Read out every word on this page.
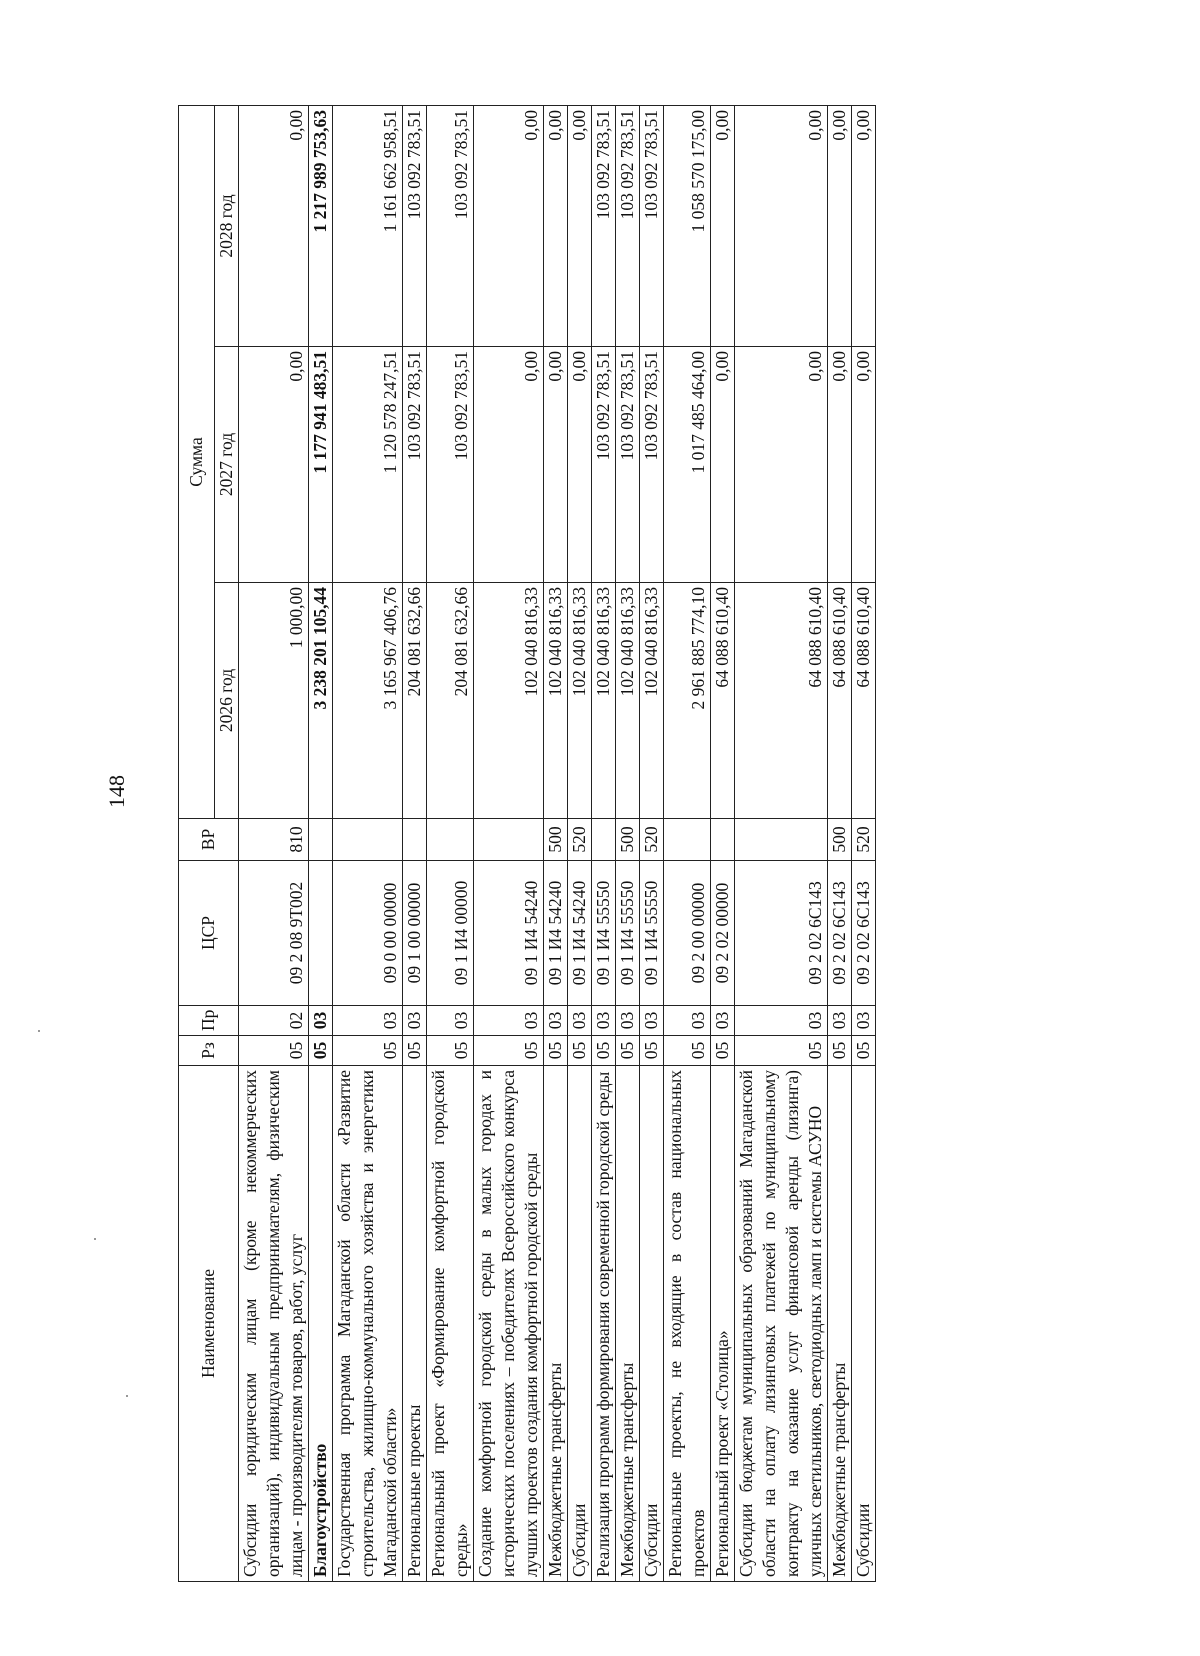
148
Наименование	Рз	Пр	ЦСР	ВР	Сумма		
					2026 год	2027 год	2028 год
Субсидии юридическим лицам (кроме некоммерческих организаций), индивидуальным предпринимателям, физическим лицам - производителям товаров, работ, услуг	05	02	09 2 08 9Т002	810	1 000,00	0,00	0,00
Благоустройство	05	03			3 238 201 105,44	1 177 941 483,51	1 217 989 753,63
Государственная программа Магаданской области «Развитие строительства, жилищно-коммунального хозяйства и энергетики Магаданской области»	05	03	09 0 00 00000		3 165 967 406,76	1 120 578 247,51	1 161 662 958,51
Региональные проекты	05	03	09 1 00 00000		204 081 632,66	103 092 783,51	103 092 783,51
Региональный проект «Формирование комфортной городской среды»	05	03	09 1 И4 00000		204 081 632,66	103 092 783,51	103 092 783,51
Создание комфортной городской среды в малых городах и исторических поселениях – победителях Всероссийского конкурса лучших проектов создания комфортной городской среды	05	03	09 1 И4 54240		102 040 816,33	0,00	0,00
Межбюджетные трансферты	05	03	09 1 И4 54240	500	102 040 816,33	0,00	0,00
Субсидии	05	03	09 1 И4 54240	520	102 040 816,33	0,00	0,00
Реализация программ формирования современной городской среды	05	03	09 1 И4 55550		102 040 816,33	103 092 783,51	103 092 783,51
Межбюджетные трансферты	05	03	09 1 И4 55550	500	102 040 816,33	103 092 783,51	103 092 783,51
Субсидии	05	03	09 1 И4 55550	520	102 040 816,33	103 092 783,51	103 092 783,51
Региональные проекты, не входящие в состав национальных проектов	05	03	09 2 00 00000		2 961 885 774,10	1 017 485 464,00	1 058 570 175,00
Региональный проект «Столица»	05	03	09 2 02 00000		64 088 610,40	0,00	0,00
Субсидии бюджетам муниципальных образований Магаданской области на оплату лизинговых платежей по муниципальному контракту на оказание услуг финансовой аренды (лизинга) уличных светильников, светодиодных ламп и системы АСУНО	05	03	09 2 02 6С143		64 088 610,40	0,00	0,00
Межбюджетные трансферты	05	03	09 2 02 6С143	500	64 088 610,40	0,00	0,00
Субсидии	05	03	09 2 02 6С143	520	64 088 610,40	0,00	0,00
